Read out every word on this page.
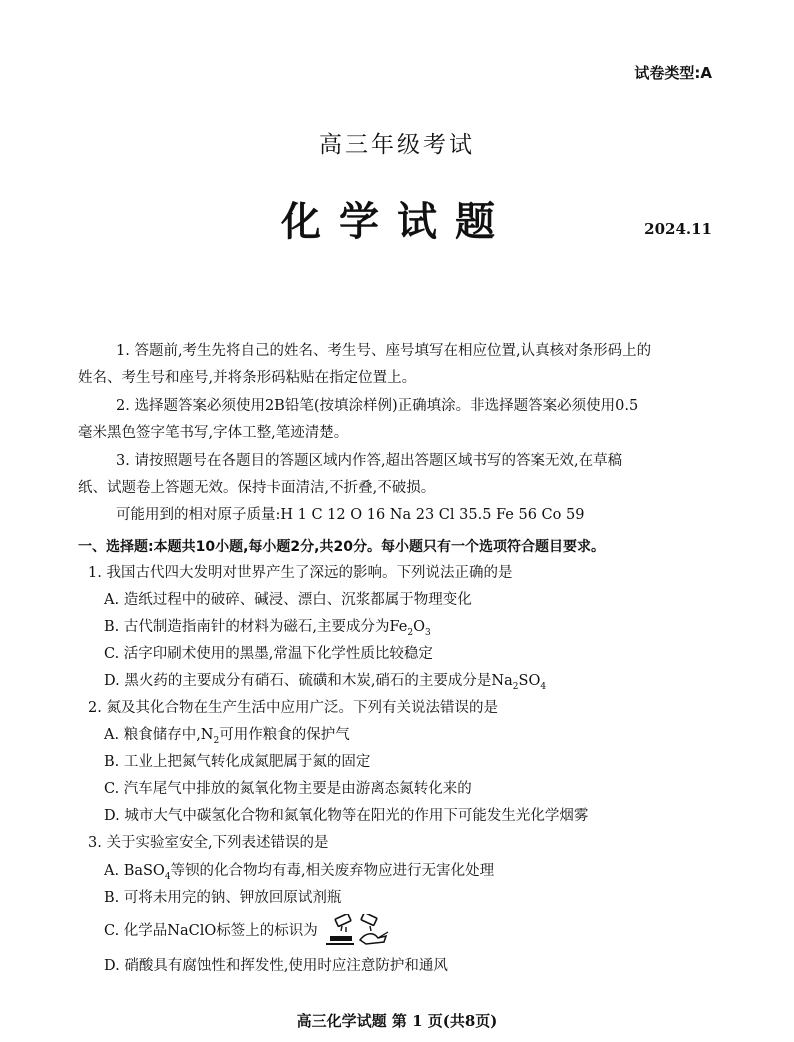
试卷类型:A
高三年级考试
化学试题	2024.11
1. 答题前,考生先将自己的姓名、考生号、座号填写在相应位置,认真核对条形码上的
姓名、考生号和座号,并将条形码粘贴在指定位置上。
2. 选择题答案必须使用2B铅笔(按填涂样例)正确填涂。非选择题答案必须使用0.5
毫米黑色签字笔书写,字体工整,笔迹清楚。
3. 请按照题号在各题目的答题区域内作答,超出答题区域书写的答案无效,在草稿
纸、试题卷上答题无效。保持卡面清洁,不折叠,不破损。
可能用到的相对原子质量:H 1 C 12 O 16 Na 23 Cl 35.5 Fe 56 Co 59
一、选择题:本题共10小题,每小题2分,共20分。每小题只有一个选项符合题目要求。
1. 我国古代四大发明对世界产生了深远的影响。下列说法正确的是
A. 造纸过程中的破碎、碱浸、漂白、沉浆都属于物理变化
B. 古代制造指南针的材料为磁石,主要成分为$Fe_2O_3$
C. 活字印刷术使用的黑墨,常温下化学性质比较稳定
D. 黑火药的主要成分有硝石、硫磺和木炭,硝石的主要成分是$Na_2SO_4$
2. 氮及其化合物在生产生活中应用广泛。下列有关说法错误的是
A. 粮食储存中$,N_2$可用作粮食的保护气
B. 工业上把氮气转化成氮肥属于氮的固定
C. 汽车尾气中排放的氮氧化物主要是由游离态氮转化来的
D. 城市大气中碳氢化合物和氮氧化物等在阳光的作用下可能发生光化学烟雾
3. 关于实验室安全,下列表述错误的是
A. BaSO$_4$等钡的化合物均有毒,相关废弃物应进行无害化处理
B. 可将未用完的钠、钾放回原试剂瓶
C. 化学品NaClO标签上的标识为
D. 硝酸具有腐蚀性和挥发性,使用时应注意防护和通风
高三化学试题 第 1 页(共8页)
